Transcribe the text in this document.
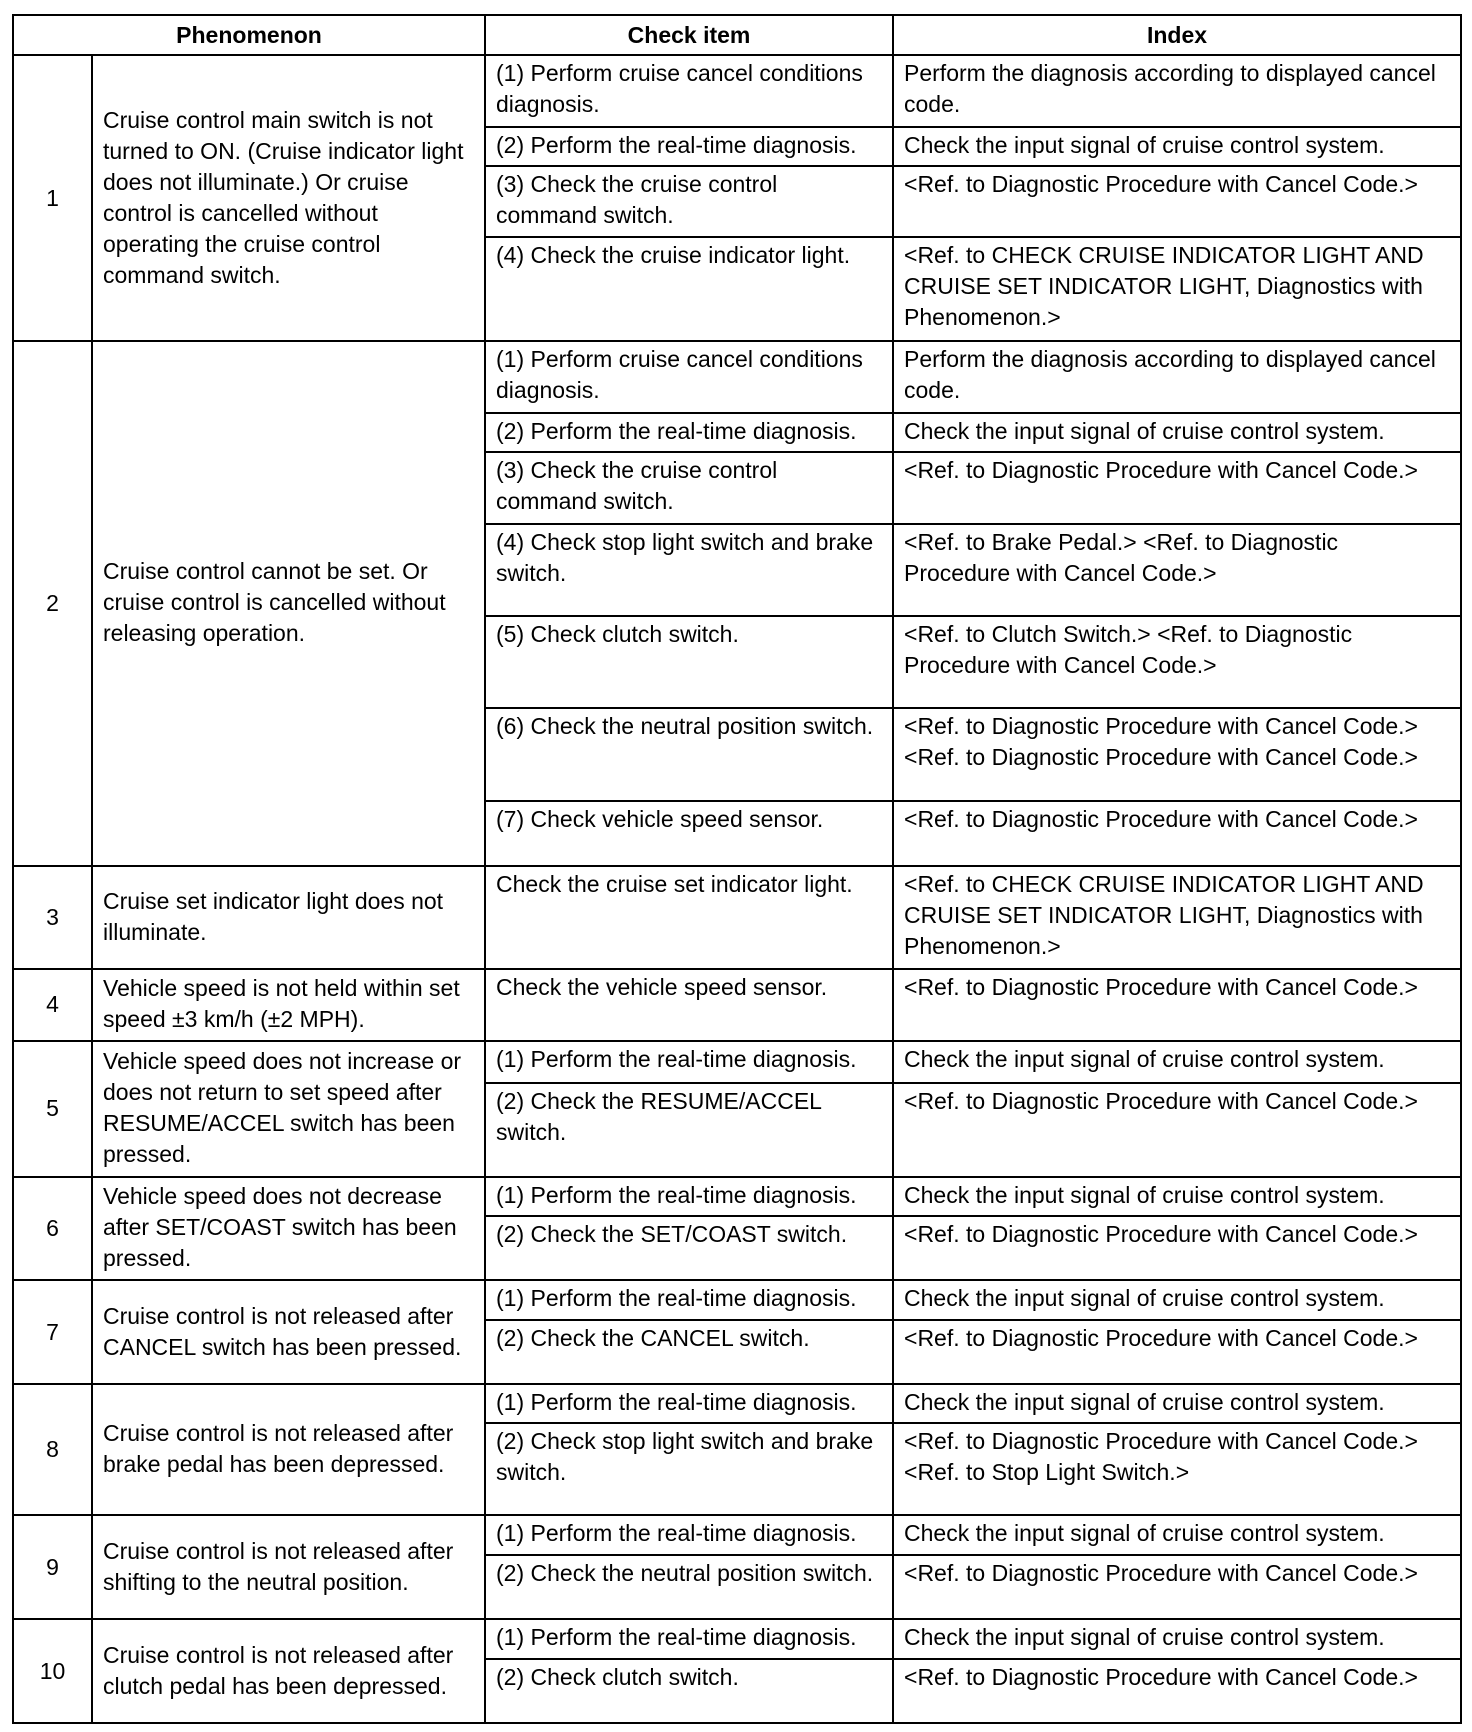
Phenomenon		Check item	Index
1	Cruise control main switch is not turned to ON. (Cruise indicator light does not illuminate.) Or cruise control is cancelled without operating the cruise control command switch.	(1) Perform cruise cancel conditions diagnosis.	Perform the diagnosis according to displayed cancel code.
		(2) Perform the real-time diagnosis.	Check the input signal of cruise control system.
		(3) Check the cruise control command switch.	<Ref. to Diagnostic Procedure with Cancel Code.>
		(4) Check the cruise indicator light.	<Ref. to CHECK CRUISE INDICATOR LIGHT AND CRUISE SET INDICATOR LIGHT, Diagnostics with Phenomenon.>
2	Cruise control cannot be set. Or cruise control is cancelled without releasing operation.	(1) Perform cruise cancel conditions diagnosis.	Perform the diagnosis according to displayed cancel code.
		(2) Perform the real-time diagnosis.	Check the input signal of cruise control system.
		(3) Check the cruise control command switch.	<Ref. to Diagnostic Procedure with Cancel Code.>
		(4) Check stop light switch and brake switch.	<Ref. to Brake Pedal.> <Ref. to Diagnostic Procedure with Cancel Code.>
		(5) Check clutch switch.	<Ref. to Clutch Switch.> <Ref. to Diagnostic Procedure with Cancel Code.>
		(6) Check the neutral position switch.	<Ref. to Diagnostic Procedure with Cancel Code.> <Ref. to Diagnostic Procedure with Cancel Code.>
		(7) Check vehicle speed sensor.	<Ref. to Diagnostic Procedure with Cancel Code.>
3	Cruise set indicator light does not illuminate.	Check the cruise set indicator light.	<Ref. to CHECK CRUISE INDICATOR LIGHT AND CRUISE SET INDICATOR LIGHT, Diagnostics with Phenomenon.>
4	Vehicle speed is not held within set speed ±3 km/h (±2 MPH).	Check the vehicle speed sensor.	<Ref. to Diagnostic Procedure with Cancel Code.>
5	Vehicle speed does not increase or does not return to set speed after RESUME/ACCEL switch has been pressed.	(1) Perform the real-time diagnosis.	Check the input signal of cruise control system.
		(2) Check the RESUME/ACCEL switch.	<Ref. to Diagnostic Procedure with Cancel Code.>
6	Vehicle speed does not decrease after SET/COAST switch has been pressed.	(1) Perform the real-time diagnosis.	Check the input signal of cruise control system.
		(2) Check the SET/COAST switch.	<Ref. to Diagnostic Procedure with Cancel Code.>
7	Cruise control is not released after CANCEL switch has been pressed.	(1) Perform the real-time diagnosis.	Check the input signal of cruise control system.
		(2) Check the CANCEL switch.	<Ref. to Diagnostic Procedure with Cancel Code.>
8	Cruise control is not released after brake pedal has been depressed.	(1) Perform the real-time diagnosis.	Check the input signal of cruise control system.
		(2) Check stop light switch and brake switch.	<Ref. to Diagnostic Procedure with Cancel Code.> <Ref. to Stop Light Switch.>
9	Cruise control is not released after shifting to the neutral position.	(1) Perform the real-time diagnosis.	Check the input signal of cruise control system.
		(2) Check the neutral position switch.	<Ref. to Diagnostic Procedure with Cancel Code.>
10	Cruise control is not released after clutch pedal has been depressed.	(1) Perform the real-time diagnosis.	Check the input signal of cruise control system.
		(2) Check clutch switch.	<Ref. to Diagnostic Procedure with Cancel Code.>
